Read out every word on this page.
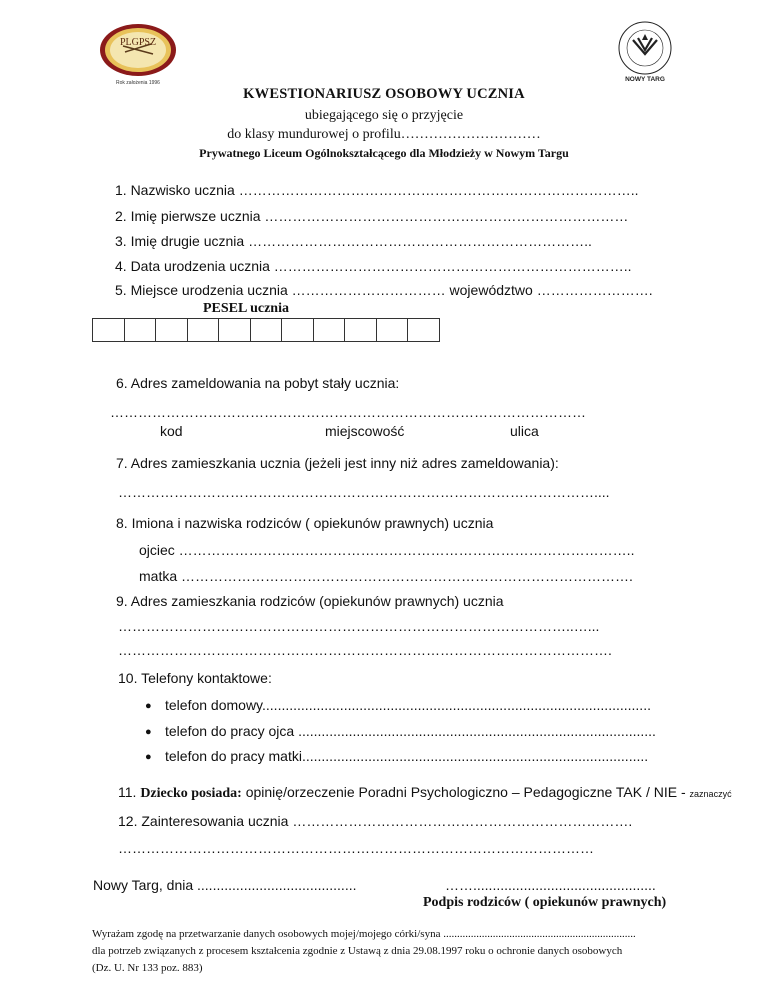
PLGPSZ
Rok założenia 1996	NOWY TARG
KWESTIONARIUSZ OSOBOWY UCZNIA
ubiegającego się o przyjęcie
do klasy mundurowej o profilu…………………………
Prywatnego Liceum Ogólnokształcącego dla Młodzieży w Nowym Targu
1. Nazwisko ucznia …………………………………………………………………………..
2. Imię pierwsze ucznia ……………………………………………………………………
3. Imię drugie ucznia ………………………………………………………………..
4. Data urodzenia ucznia …………………………………………………………………..
5. Miejsce urodzenia ucznia …………………………… województwo …………………….
PESEL ucznia
6. Adres zameldowania na pobyt stały ucznia:
…………………………………………………………………………………………
kod	miejscowość	ulica
7. Adres zamieszkania ucznia (jeżeli jest inny niż adres zameldowania):
…………………………………………………………………………………………....
8. Imiona i nazwiska rodziców ( opiekunów prawnych) ucznia
ojciec ……………………………………………………………………………………..
matka …………………………………………………………………………………….
9. Adres zamieszkania rodziców (opiekunów prawnych) ucznia
……………………………………………………………………………………..…...
…………………………………………………………………………………………….
10. Telefony kontaktowe:
● telefon domowy....................................................................................................
● telefon do pracy ojca ............................................................................................
● telefon do pracy matki.........................................................................................
11. Dziecko posiada: opinię/orzeczenie Poradni Psychologiczno – Pedagogiczne TAK / NIE - zaznaczyć
12. Zainteresowania ucznia ……………………………………………………………….
…………………………………………………………………………………………
Nowy Targ, dnia .........................................	……...............................................
Podpis rodziców ( opiekunów prawnych)
Wyrażam zgodę na przetwarzanie danych osobowych mojej/mojego córki/syna ......................................................................
dla potrzeb związanych z procesem kształcenia zgodnie z Ustawą z dnia 29.08.1997 roku o ochronie danych osobowych
(Dz. U. Nr 133 poz. 883)
